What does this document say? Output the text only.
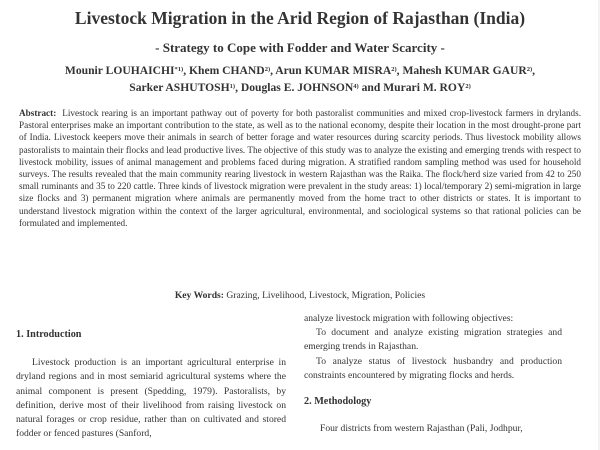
Livestock Migration in the Arid Region of Rajasthan (India)
- Strategy to Cope with Fodder and Water Scarcity -
Mounir LOUHAICHI$^{*1)}$, Khem CHAND$^{2)}$, Arun KUMAR MISRA$^{2)}$, Mahesh KUMAR GAUR$^{2)}$,
Sarker ASHUTOSH$^{1)}$, Douglas E. JOHNSON$^{4)}$ and Murari M. ROY$^{2)}$
Abstract: Livestock rearing is an important pathway out of poverty for both pastoralist communities and mixed crop-livestock farmers in drylands. Pastoral enterprises make an important contribution to the state, as well as to the national economy, despite their location in the most drought-prone part of India. Livestock keepers move their animals in search of better forage and water resources during scarcity periods. Thus livestock mobility allows pastoralists to maintain their flocks and lead productive lives. The objective of this study was to analyze the existing and emerging trends with respect to livestock mobility, issues of animal management and problems faced during migration. A stratified random sampling method was used for household surveys. The results revealed that the main community rearing livestock in western Rajasthan was the Raika. The flock/herd size varied from 42 to 250 small ruminants and 35 to 220 cattle. Three kinds of livestock migration were prevalent in the study areas: 1) local/temporary 2) semi-migration in large size flocks and 3) permanent migration where animals are permanently moved from the home tract to other districts or states. It is important to understand livestock migration within the context of the larger agricultural, environmental, and sociological systems so that rational policies can be formulated and implemented.
Key Words: Grazing, Livelihood, Livestock, Migration, Policies

1. Introduction

Livestock production is an important agricultural enterprise in dryland regions and in most semiarid agricultural systems where the animal component is present (Spedding, 1979). Pastoralists, by definition, derive most of their livelihood from raising livestock on natural forages or crop residue, rather than on cultivated and stored fodder or fenced pastures (Sanford,

analyze livestock migration with following objectives:

To document and analyze existing migration strategies and emerging trends in Rajasthan.

To analyze status of livestock husbandry and production constraints encountered by migrating flocks and herds.

2. Methodology

Four districts from western Rajasthan (Pali, Jodhpur,
